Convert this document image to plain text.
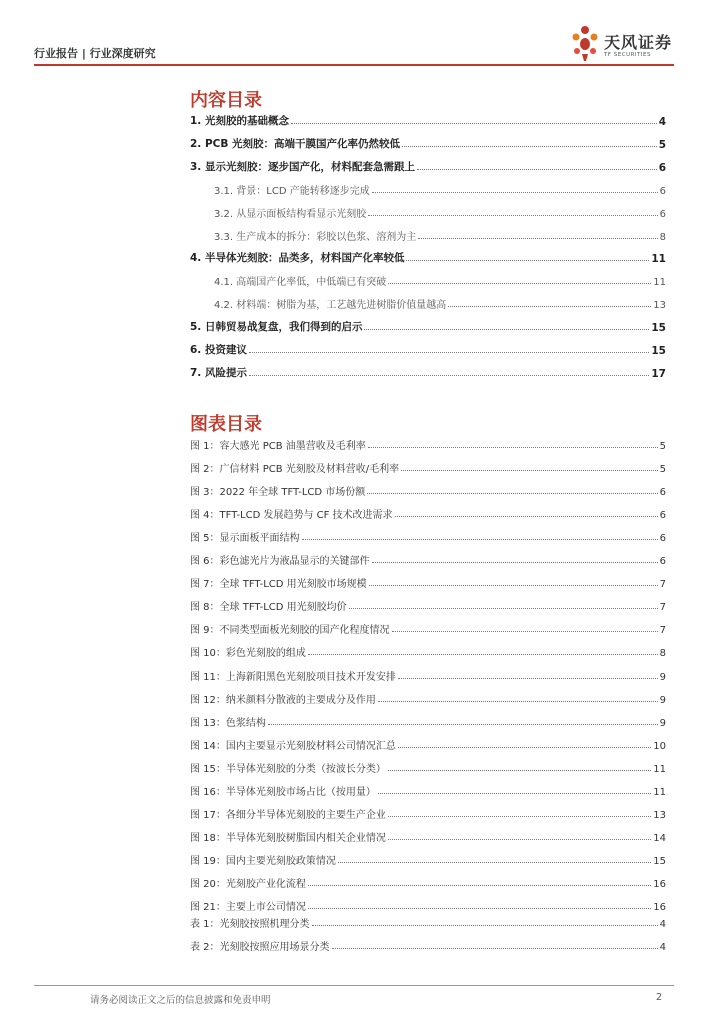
行业报告 | 行业深度研究
天风证券
TF SECURITIES
内容目录
1. 光刻胶的基础概念	4
2. PCB 光刻胶：高端干膜国产化率仍然较低	5
3. 显示光刻胶：逐步国产化，材料配套急需跟上	6
3.1. 背景：LCD 产能转移逐步完成	6
3.2. 从显示面板结构看显示光刻胶	6
3.3. 生产成本的拆分：彩胶以色浆、溶剂为主	8
4. 半导体光刻胶：品类多，材料国产化率较低	11
4.1. 高端国产化率低，中低端已有突破	11
4.2. 材料端：树脂为基，工艺越先进树脂价值量越高	13
5. 日韩贸易战复盘，我们得到的启示	15
6. 投资建议	15
7. 风险提示	17
图表目录
图 1：容大感光 PCB 油墨营收及毛利率	5
图 2：广信材料 PCB 光刻胶及材料营收/毛利率	5
图 3：2022 年全球 TFT-LCD 市场份额	6
图 4：TFT-LCD 发展趋势与 CF 技术改进需求	6
图 5：显示面板平面结构	6
图 6：彩色滤光片为液晶显示的关键部件	6
图 7：全球 TFT-LCD 用光刻胶市场规模	7
图 8：全球 TFT-LCD 用光刻胶均价	7
图 9：不同类型面板光刻胶的国产化程度情况	7
图 10：彩色光刻胶的组成	8
图 11：上海新阳黑色光刻胶项目技术开发安排	9
图 12：纳米颜料分散液的主要成分及作用	9
图 13：色浆结构	9
图 14：国内主要显示光刻胶材料公司情况汇总	10
图 15：半导体光刻胶的分类（按波长分类）	11
图 16：半导体光刻胶市场占比（按用量）	11
图 17：各细分半导体光刻胶的主要生产企业	13
图 18：半导体光刻胶树脂国内相关企业情况	14
图 19：国内主要光刻胶政策情况	15
图 20：光刻胶产业化流程	16
图 21：主要上市公司情况	16
表 1：光刻胶按照机理分类	4
表 2：光刻胶按照应用场景分类	4
请务必阅读正文之后的信息披露和免责申明	2
